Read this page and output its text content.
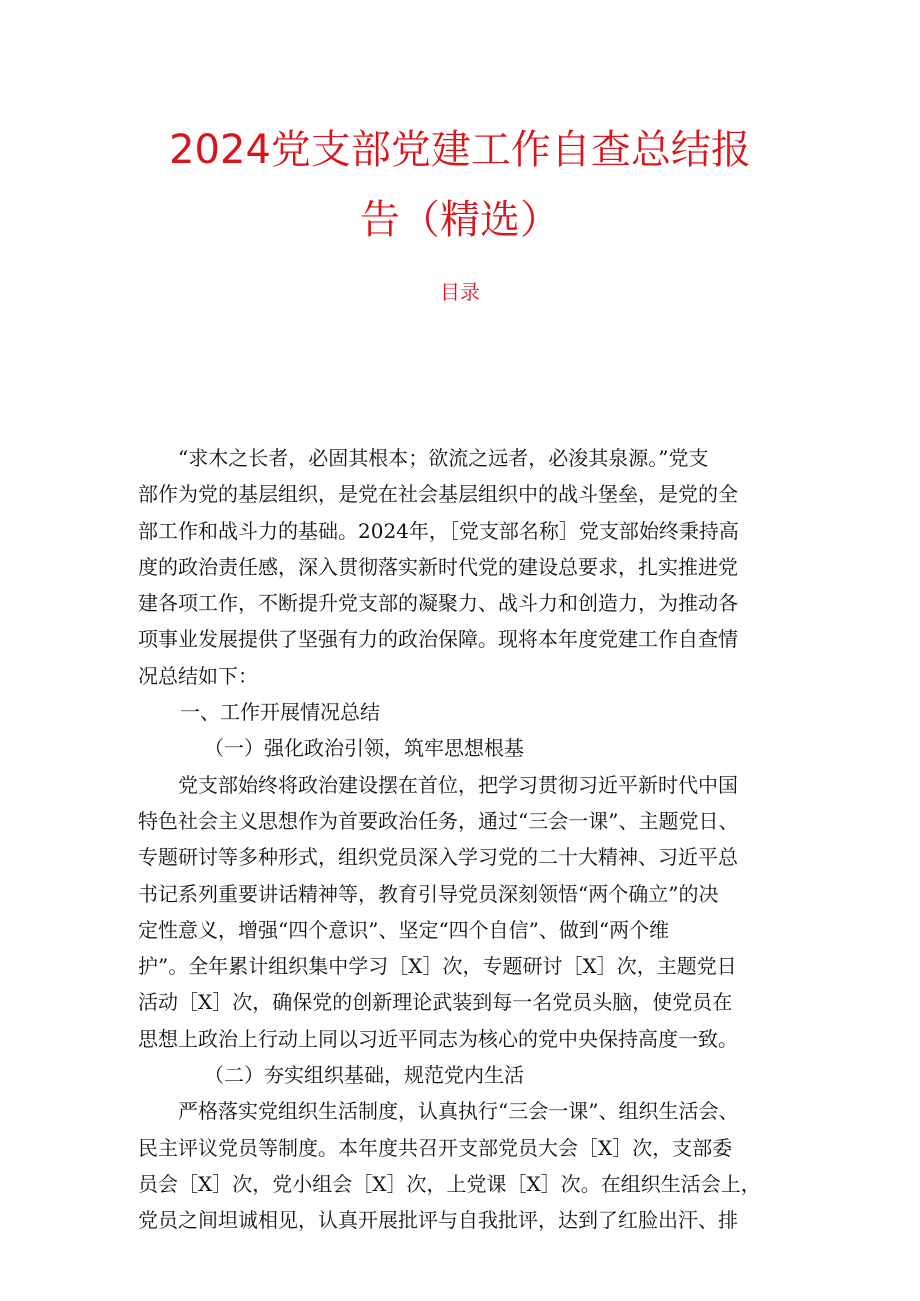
2024党支部党建工作自查总结报
告（精选）
目录
“求木之长者，必固其根本；欲流之远者，必浚其泉源。”党支
部作为党的基层组织，是党在社会基层组织中的战斗堡垒，是党的全
部工作和战斗力的基础。2024年，［党支部名称］党支部始终秉持高
度的政治责任感，深入贯彻落实新时代党的建设总要求，扎实推进党
建各项工作，不断提升党支部的凝聚力、战斗力和创造力，为推动各
项事业发展提供了坚强有力的政治保障。现将本年度党建工作自查情
况总结如下：
一、工作开展情况总结
（一）强化政治引领，筑牢思想根基
党支部始终将政治建设摆在首位，把学习贯彻习近平新时代中国
特色社会主义思想作为首要政治任务，通过“三会一课”、主题党日、
专题研讨等多种形式，组织党员深入学习党的二十大精神、习近平总
书记系列重要讲话精神等，教育引导党员深刻领悟“两个确立”的决
定性意义，增强“四个意识”、坚定“四个自信”、做到“两个维
护”。全年累计组织集中学习［X］次，专题研讨［X］次，主题党日
活动［X］次，确保党的创新理论武装到每一名党员头脑，使党员在
思想上政治上行动上同以习近平同志为核心的党中央保持高度一致。
（二）夯实组织基础，规范党内生活
严格落实党组织生活制度，认真执行“三会一课”、组织生活会、
民主评议党员等制度。本年度共召开支部党员大会［X］次，支部委
员会［X］次，党小组会［X］次，上党课［X］次。在组织生活会上，
党员之间坦诚相见，认真开展批评与自我批评，达到了红脸出汗、排
